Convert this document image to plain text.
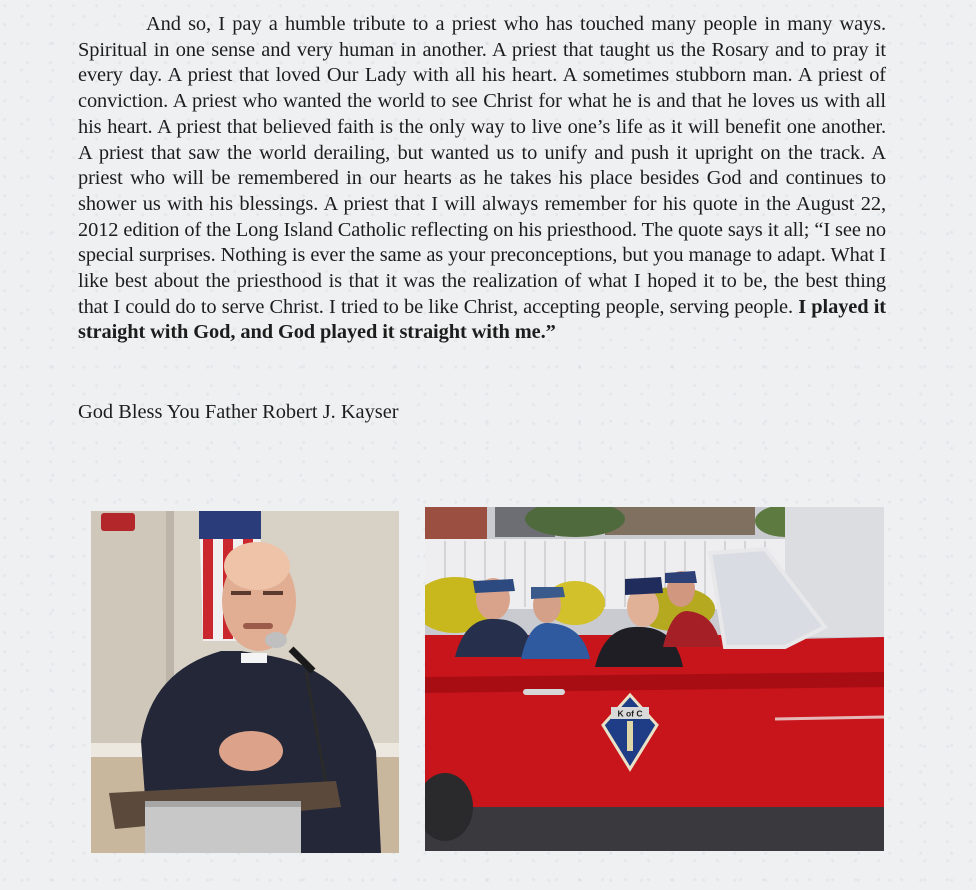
And so, I pay a humble tribute to a priest who has touched many people in many ways. Spiritual in one sense and very human in another. A priest that taught us the Rosary and to pray it every day. A priest that loved Our Lady with all his heart. A sometimes stubborn man. A priest of conviction. A priest who wanted the world to see Christ for what he is and that he loves us with all his heart. A priest that believed faith is the only way to live one’s life as it will benefit one another. A priest that saw the world derailing, but wanted us to unify and push it upright on the track. A priest who will be remembered in our hearts as he takes his place besides God and continues to shower us with his blessings. A priest that I will always remember for his quote in the August 22, 2012 edition of the Long Island Catholic reflecting on his priesthood. The quote says it all; “I see no special surprises. Nothing is ever the same as your preconceptions, but you manage to adapt. What I like best about the priesthood is that it was the realization of what I hoped it to be, the best thing that I could do to serve Christ. I tried to be like Christ, accepting people, serving people. I played it straight with God, and God played it straight with me.”

God Bless You Father Robert J. Kayser
K of C
